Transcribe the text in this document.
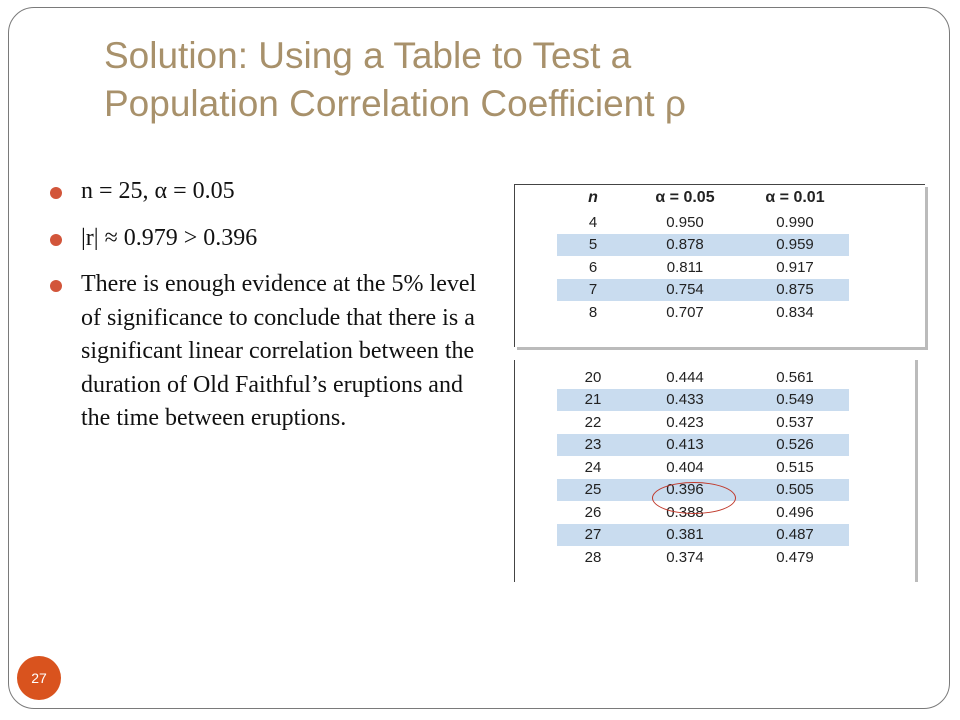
Solution: Using a Table to Test a
Population Correlation Coefficient ρ
n = 25, α = 0.05
|r| ≈ 0.979 > 0.396
There is enough evidence at the 5% level of significance to conclude that there is a significant linear correlation between the duration of Old Faithful’s eruptions and the time between eruptions.
n	α = 0.05	α = 0.01
4	0.950	0.990
5	0.878	0.959
6	0.811	0.917
7	0.754	0.875
8	0.707	0.834
20	0.444	0.561
21	0.433	0.549
22	0.423	0.537
23	0.413	0.526
24	0.404	0.515
25	0.396	0.505
26	0.388	0.496
27	0.381	0.487
28	0.374	0.479
27
